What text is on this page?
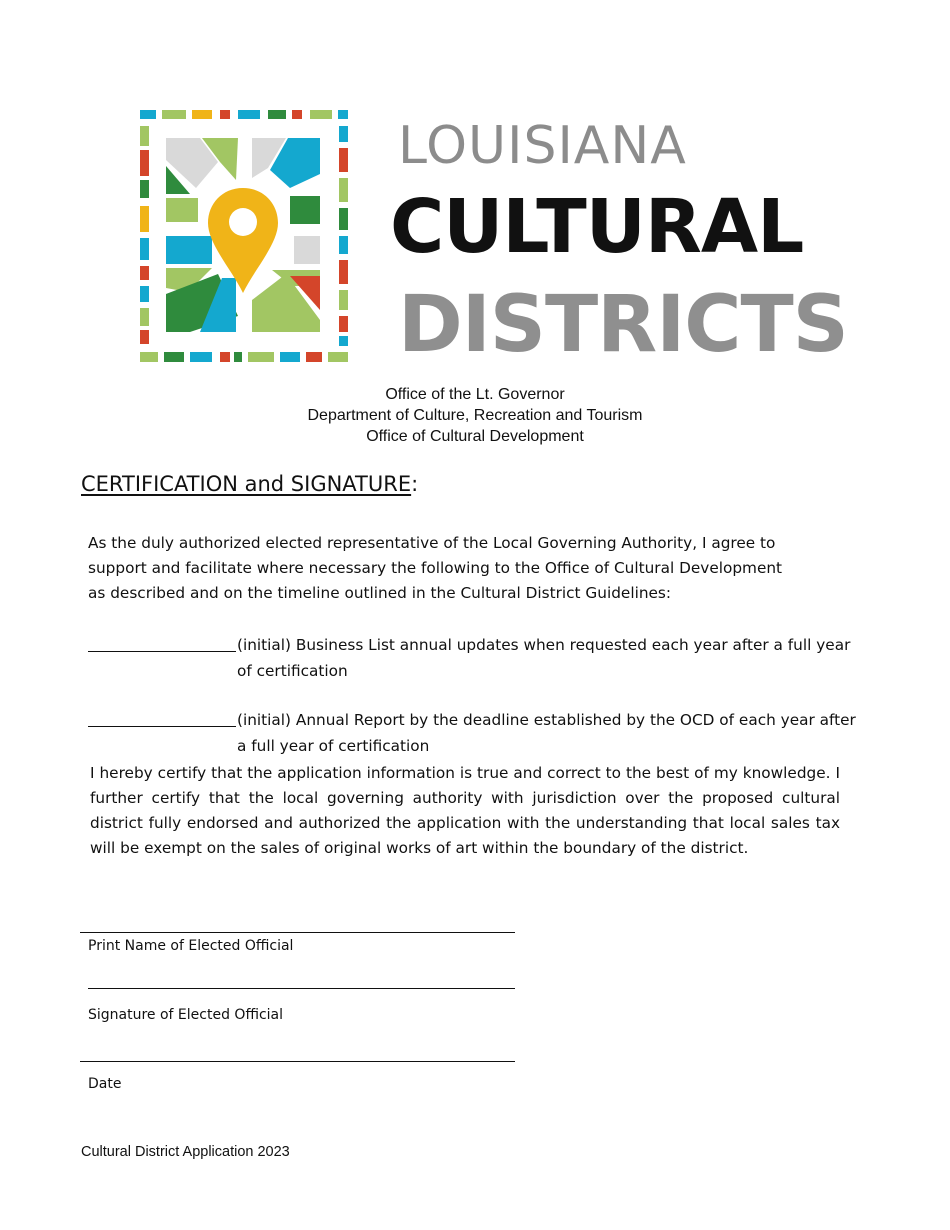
LOUISIANA
CULTURAL
DISTRICTS
Office of the Lt. Governor
Department of Culture, Recreation and Tourism
Office of Cultural Development
CERTIFICATION and SIGNATURE:
As the duly authorized elected representative of the Local Governing Authority, I agree to
support and facilitate where necessary the following to the Office of Cultural Development
as described and on the timeline outlined in the Cultural District Guidelines:
(initial) Business List annual updates when requested each year after a full year of certification
(initial) Annual Report by the deadline established by the OCD of each year after a full year of certification
I hereby certify that the application information is true and correct to the best of my knowledge. I further certify that the local governing authority with jurisdiction over the proposed cultural district fully endorsed and authorized the application with the understanding that local sales tax will be exempt on the sales of original works of art within the boundary of the district.
Print Name of Elected Official
Signature of Elected Official
Date
Cultural District Application 2023
